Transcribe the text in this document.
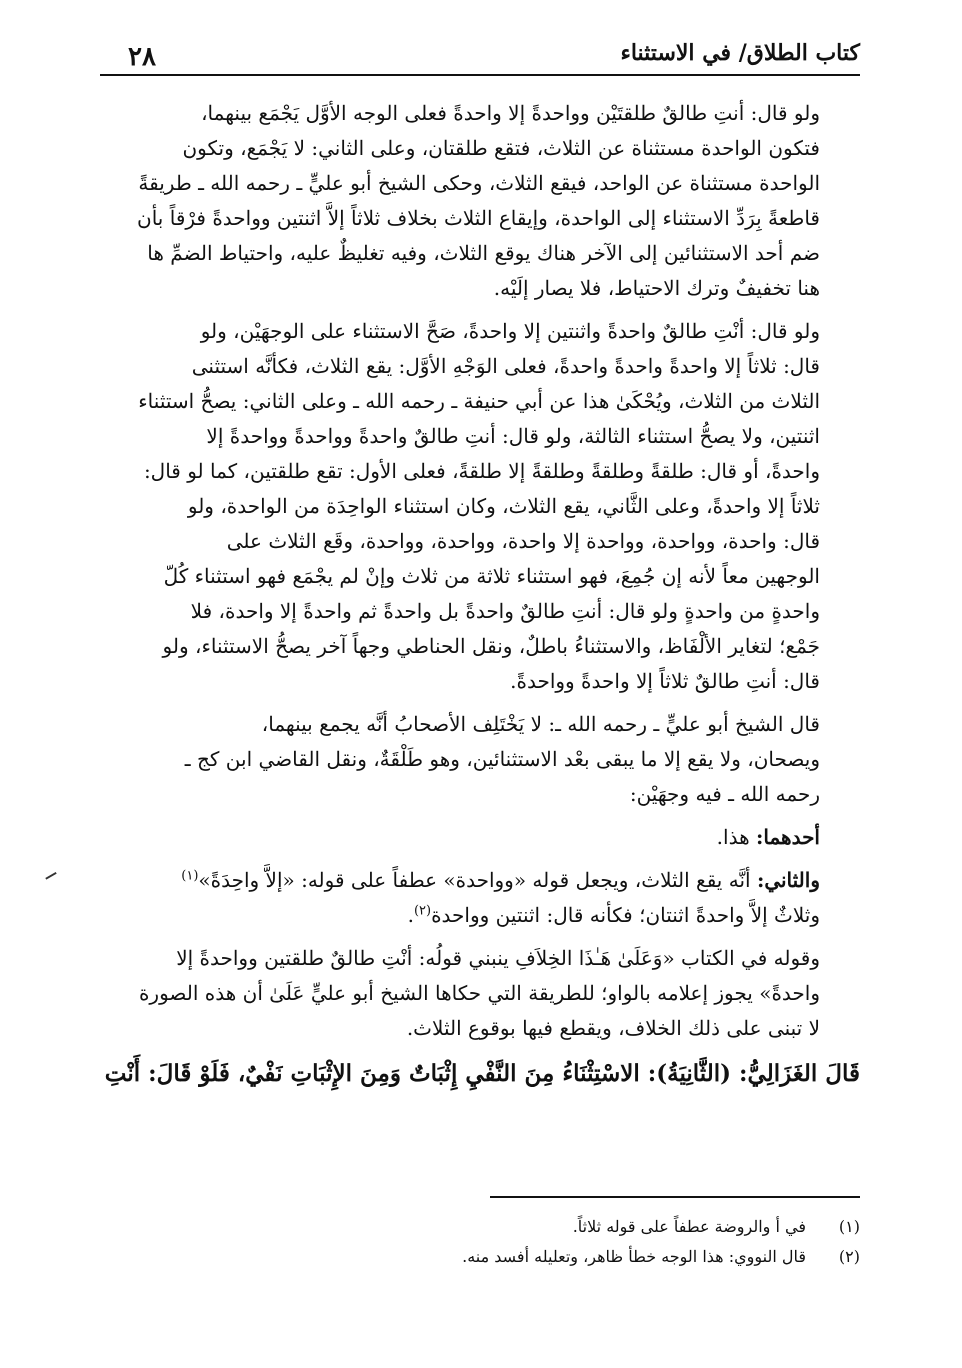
٢٨	كتاب الطلاق/ في الاستثناء

ولو قال: أنتِ طالقٌ طلقتَيْن وواحدةً إلا واحدةً فعلى الوجه الأوَّل يَجْمَع بينهما،
فتكون الواحدة مستثناة عن الثلاث، فتقع طلقتان، وعلى الثاني: لا يَجْمَع، وتكون
الواحدة مستثناة عن الواحد، فيقع الثلاث، وحكى الشيخ أبو عليٍّ ـ رحمه الله ـ طريقةً
قاطعةً بِرَدِّ الاستثناء إلى الواحدة، وإيقاع الثلاث بخلاف ثلاثاً إلاَّ اثنتين وواحدةً فرْقاً بأن
ضم أحد الاستثنائين إلى الآخر هناك يوقع الثلاث، وفيه تغليظٌ عليه، واحتياط الضمِّ ها
هنا تخفيفٌ وترك الاحتياط، فلا يصار إلَيْه.

ولو قال: أنْتِ طالقٌ واحدةً واثنتين إلا واحدةً، صَحَّ الاستثناء على الوجهَيْن، ولو
قال: ثلاثاً إلا واحدةً واحدةً واحدةً، فعلى الوَجْهِ الأوَّل: يقع الثلاث، فكأنَّه استثنى
الثلاث من الثلاث، ويُحْكَىٰ هذا عن أبي حنيفة ـ رحمه الله ـ وعلى الثاني: يصحُّ استثناء
اثنتين، ولا يصحُّ استثناء الثالثة، ولو قال: أنتِ طالقٌ واحدةً وواحدةً وواحدةً إلا
واحدةً، أو قال: طلقةً وطلقةً وطلقةً إلا طلقةً، فعلى الأول: تقع طلقتين، كما لو قال:
ثلاثاً إلا واحدةً، وعلى الثَّاني، يقع الثلاث، وكان استثناء الواحِدَة من الواحدة، ولو
قال: واحدة، وواحدة، وواحدة إلا واحدة، وواحدة، وواحدة، وقَع الثلاث على
الوجهين معاً لأنه إن جُمِعَ، فهو استثناء ثلاثة من ثلاث وإنْ لم يجْمَع فهو استثناء كُلّ
واحدةٍ من واحدةٍ ولو قال: أنتِ طالقٌ واحدةً بل واحدةً ثم واحدةً إلا واحدة، فلا
جَمْع؛ لتغاير الألْفَاظ، والاستثناءُ باطلٌ، ونقل الحناطي وجهاً آخر يصحُّ الاستثناء، ولو
قال: أنتِ طالقٌ ثلاثاً إلا واحدةً وواحدةً.

قال الشيخ أبو عليٍّ ـ رحمه الله ـ: لا يَخْتَلِف الأصحابُ أنَّه يجمع بينهما،
ويصحان، ولا يقع إلا ما يبقى بعْد الاستثنائين، وهو طَلْقَةٌ، ونقل القاضي ابن كج ـ
رحمه الله ـ فيه وجهَيْن:

أحدهما: هذا.

والثاني: أنَّه يقع الثلاث، ويجعل قوله «وواحدة» عطفاً على قوله: «إلاَّ واحِدَةً»$^{(١)}$
وثلاثٌ إلاَّ واحدةً اثنتان؛ فكأنه قال: اثنتين وواحدة$^{(٢)}$.

وقوله في الكتاب «وَعَلَىٰ هَـٰذَا الخِلاَفِ ينبني قولُه: أنْتِ طالقٌ طلقتين وواحدةً إلا
واحدةً» يجوز إعلامه بالواو؛ للطريقة التي حكاها الشيخ أبو عليٍّ عَلَىٰ أن هذه الصورة
لا تبنى على ذلك الخلاف، ويقطع فيها بوقوع الثلاث.

قَالَ الغَزَالِيُّ: (الثَّانِيَةُ): الاسْتِثْنَاءُ مِنَ النَّفْيِ إِثْبَاتٌ وَمِنَ الإِثْبَاتِ نَفْيٌ، فَلَوْ قَالَ: أَنْتِ

(١)
في أ والروضة عطفاً على قوله ثلاثاً.
(٢)
قال النووي: هذا الوجه خطأ ظاهر، وتعليله أفسد منه.
